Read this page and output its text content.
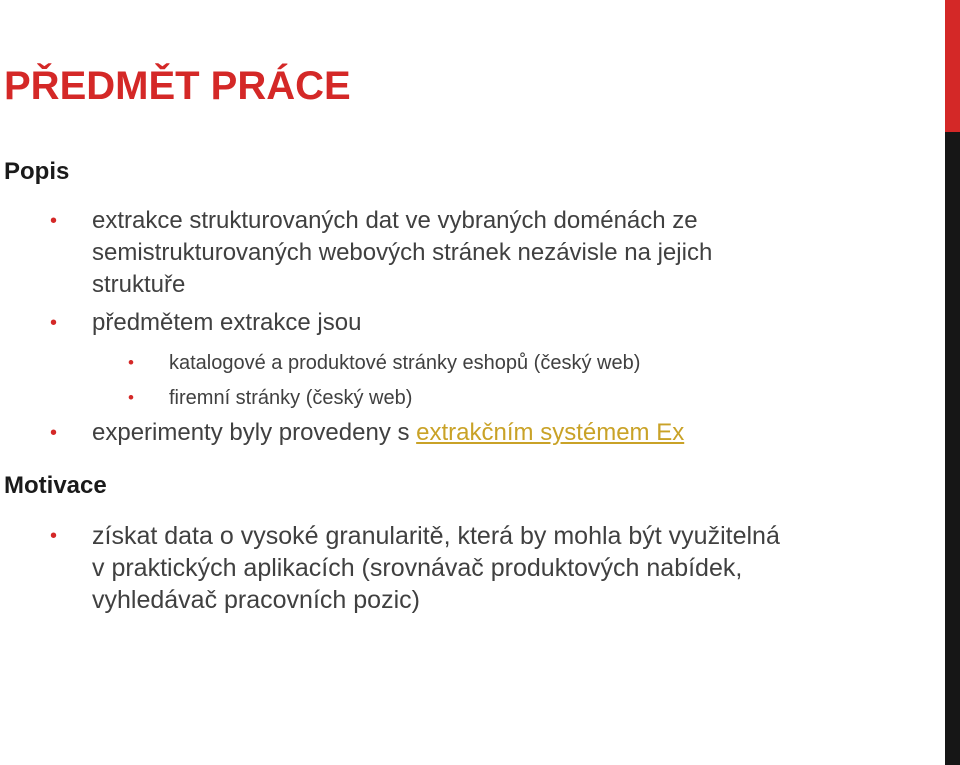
PŘEDMĚT PRÁCE
Popis
• extrakce strukturovaných dat ve vybraných doménách ze
semistrukturovaných webových stránek nezávisle na jejich
struktuře
• předmětem extrakce jsou
• katalogové a produktové stránky eshopů (český web)
• firemní stránky (český web)
• experimenty byly provedeny s extrakčním systémem Ex
Motivace
• získat data o vysoké granularitě, která by mohla být využitelná
v praktických aplikacích (srovnávač produktových nabídek,
vyhledávač pracovních pozic)
